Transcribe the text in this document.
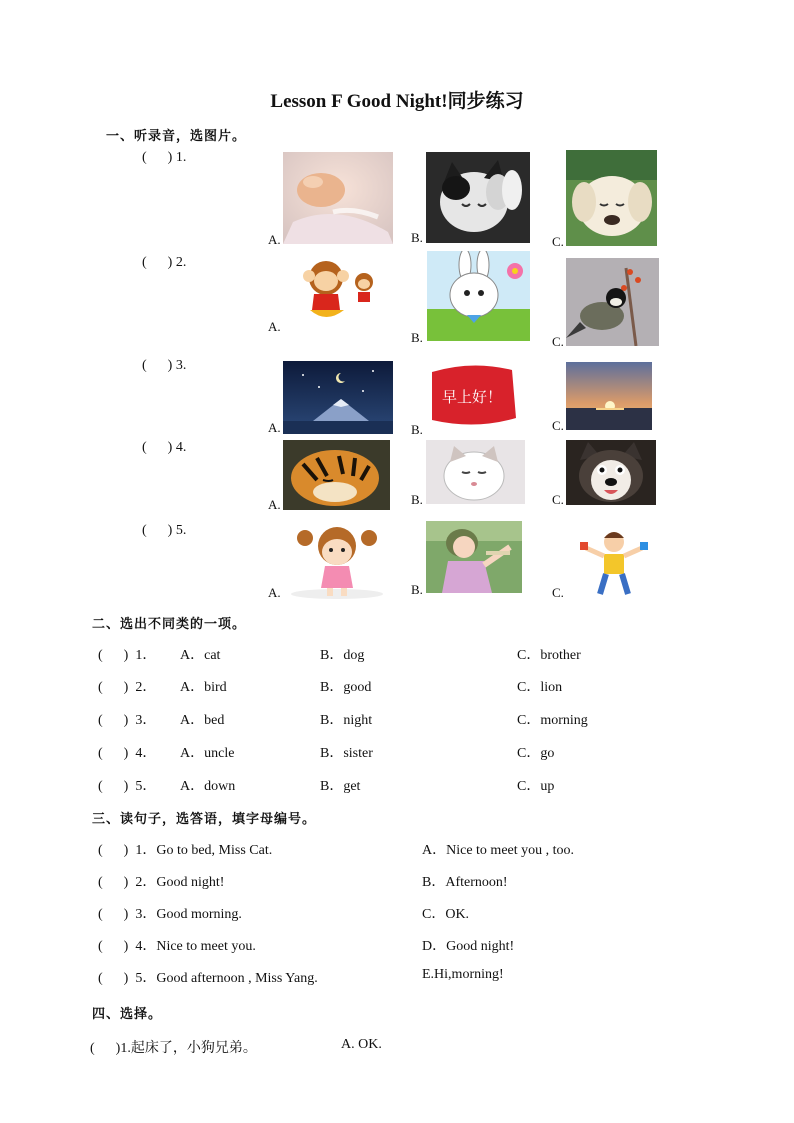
Lesson F Good Night!同步练习
一、听录音，选图片。
(      ) 1.
A.	B.	C.
(      ) 2.
A.
B.	C.
(      ) 3.
A.	B.
早上好！
C.
(      ) 4.
A.	B.	C.
(      ) 5.
A.	B.	C.
二、选出不同类的一项。
(      )  1． A．cat	B．dog	C．brother
(      )  2． A．bird	B．good	C．lion
(      )  3． A．bed	B．night	C．morning
(      )  4． A．uncle	B．sister	C．go
(      )  5． A．down	B．get	C．up
三、读句子，选答语，填字母编号。
(      )  1．Go to bed, Miss Cat.	A．Nice to meet you , too.
(      )  2．Good night!	B．Afternoon!
(      )  3．Good morning.	C．OK.
(      )  4．Nice to meet you.	D．Good night!
(      )  5．Good afternoon , Miss Yang.	E.Hi,morning!
四、选择。
(      )1.起床了，小狗兄弟。	A. OK.
